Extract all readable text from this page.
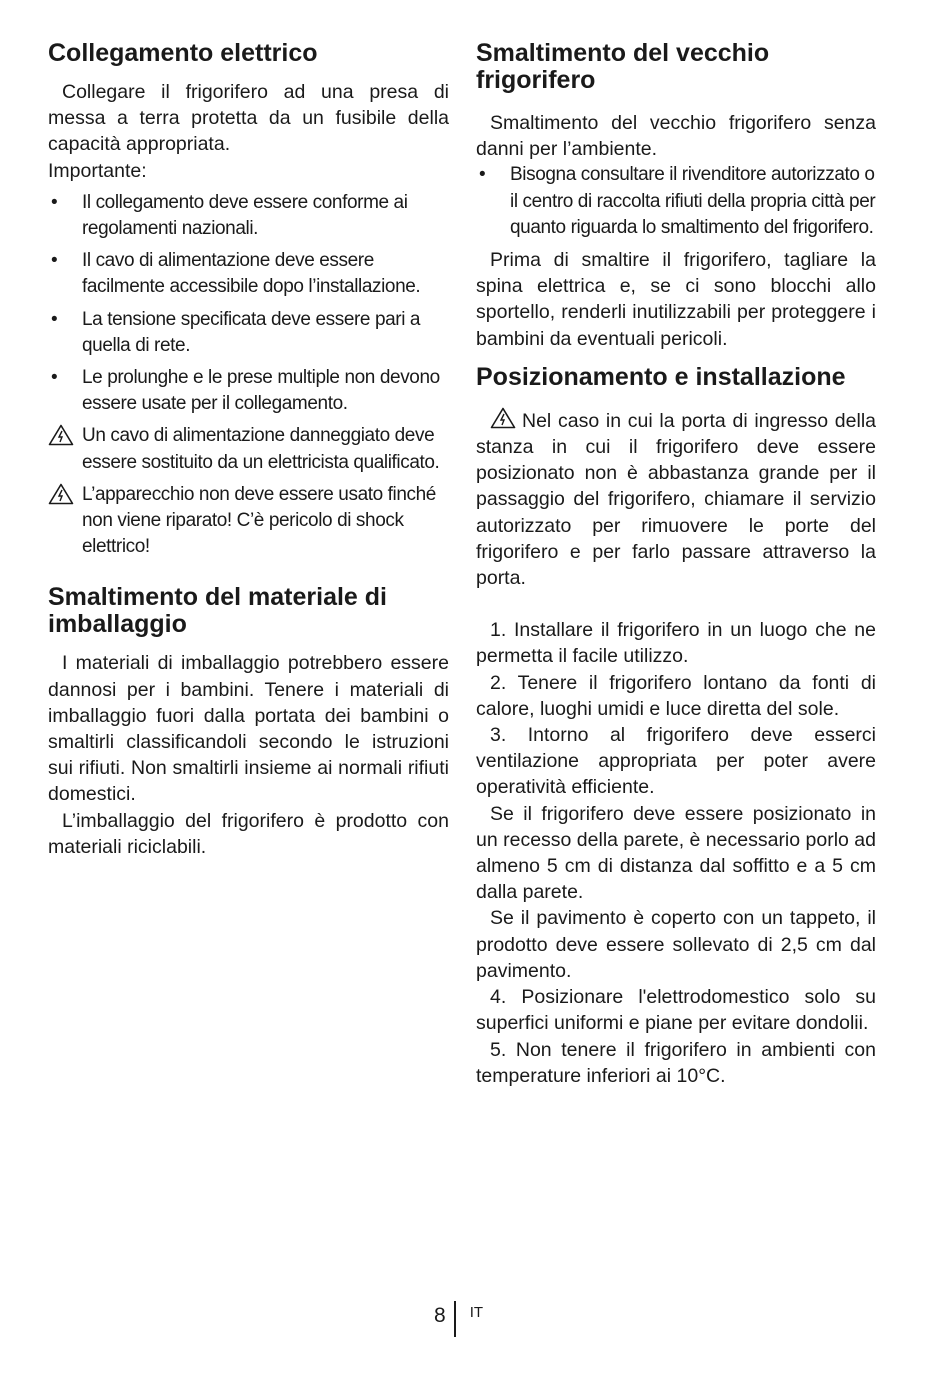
Collegamento elettrico

Collegare il frigorifero ad una presa di messa a terra protetta da un fusibile della capacità appropriata.

Importante:

• Il collegamento deve essere conforme ai regolamenti nazionali.
• Il cavo di alimentazione deve essere facilmente accessibile dopo l’installazione.
• La tensione specificata deve essere pari a quella di rete.
• Le prolunghe e le prese multiple non devono essere usate per il collegamento.
Un cavo di alimentazione danneggiato deve essere sostituito da un elettricista qualificato.
L’apparecchio non deve essere usato finché non viene riparato! C’è pericolo di shock elettrico!
Smaltimento del materiale di imballaggio

I materiali di imballaggio potrebbero essere dannosi per i bambini. Tenere i materiali di imballaggio fuori dalla portata dei bambini o smaltirli classificandoli secondo le istruzioni sui rifiuti. Non smaltirli insieme ai normali rifiuti domestici.

L’imballaggio del frigorifero è prodotto con materiali riciclabili.

Smaltimento del vecchio frigorifero

Smaltimento del vecchio frigorifero senza danni per l’ambiente.

• Bisogna consultare il rivenditore autorizzato o il centro di raccolta rifiuti della propria città per quanto riguarda lo smaltimento del frigorifero.

Prima di smaltire il frigorifero, tagliare la spina elettrica e, se ci sono blocchi allo sportello, renderli inutilizzabili per proteggere i bambini da eventuali pericoli.

Posizionamento e installazione

Nel caso in cui la porta di ingresso della stanza in cui il frigorifero deve essere posizionato non è abbastanza grande per il passaggio del frigorifero, chiamare il servizio autorizzato per rimuovere le porte del frigorifero e per farlo passare attraverso la porta.

1. Installare il frigorifero in un luogo che ne permetta il facile utilizzo.

2. Tenere il frigorifero lontano da fonti di calore, luoghi umidi e luce diretta del sole.

3. Intorno al frigorifero deve esserci ventilazione appropriata per poter avere operatività efficiente.

Se il frigorifero deve essere posizionato in un recesso della parete, è necessario porlo ad almeno 5 cm di distanza dal soffitto e a 5 cm dalla parete.

Se il pavimento è coperto con un tappeto, il prodotto deve essere sollevato di 2,5 cm dal pavimento.

4. Posizionare l'elettrodomestico solo su superfici uniformi e piane per evitare dondolii.

5. Non tenere il frigorifero in ambienti con temperature inferiori ai 10°C.

8 IT
